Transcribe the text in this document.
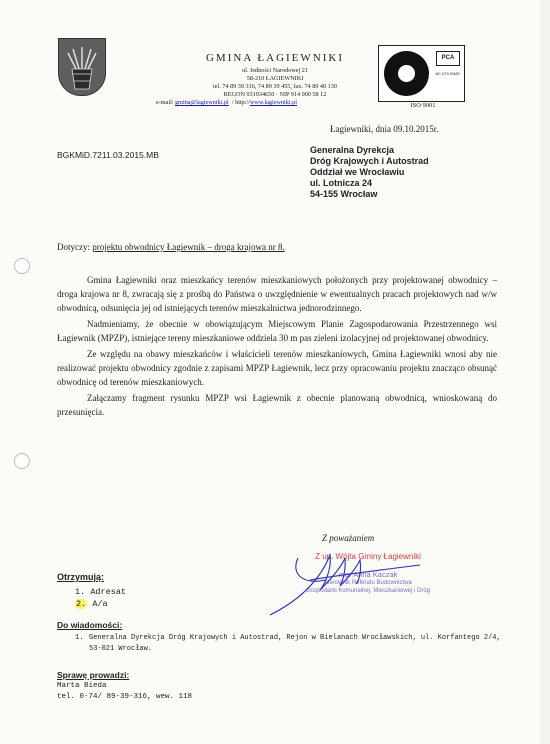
GMINA ŁAGIEWNIKI
ul. Jedności Narodowej 21
58-210 ŁAGIEWNIKI
tel. 74 89 39 316, 74 89 39 455, fax. 74 89 40 130
REGON 931934650 · NIP 914 000 58 12
e-mail: gmina@lagiewniki.pl  / http://www.lagiewniki.pl
PCA
AC 079 ISMS
ISO 9001
Łagiewniki, dnia 09.10.2015r.
BGKMiD.7211.03.2015.MB	Generalna Dyrekcja
Dróg Krajowych i Autostrad
Oddział we Wrocławiu
ul. Lotnicza 24
54-155 Wrocław
Dotyczy: projektu obwodnicy Łagiewnik – droga krajowa nr 8.

Gmina Łagiewniki oraz mieszkańcy terenów mieszkaniowych położonych przy projektowanej obwodnicy – droga krajowa nr 8, zwracają się z prośbą do Państwa o uwzględnienie w ewentualnych pracach projektowych nad w/w obwodnicą, odsunięcia jej od istniejących terenów mieszkalnictwa jednorodzinnego.

Nadmieniamy, że obecnie w obowiązującym Miejscowym Planie Zagospodarowania Przestrzennego wsi Łagiewnik (MPZP), istniejące tereny mieszkaniowe oddziela 30 m pas zieleni izolacyjnej od projektowanej obwodnicy.

Ze względu na obawy mieszkańców i właścicieli terenów mieszkaniowych, Gmina Łagiewniki wnosi aby nie realizować projektu obwodnicy zgodnie z zapisami MPZP Łagiewnik, lecz przy opracowaniu projektu znacząco obsunąć obwodnicę od terenów mieszkaniowych.

Załączamy fragment rysunku MPZP wsi Łagiewnik z obecnie planowaną obwodnicą, wnioskowaną do przesunięcia.

Z poważaniem
Z up. Wójta Gminy Łagiewniki
mgr Anna Kaczak
Kierownik Referatu Budownictwa
Gospodarki Komunalnej, Mieszkaniowej i Dróg
Otrzymują:
1. Adresat
2. A/a
Do wiadomości:
1. Generalna Dyrekcja Dróg Krajowych i Autostrad, Rejon w Bielanach Wrocławskich, ul. Korfantego 2/4, 53-021 Wrocław.
Sprawę prowadzi:
Marta Bieda
tel. 0-74/ 89-39-316, wew. 118
